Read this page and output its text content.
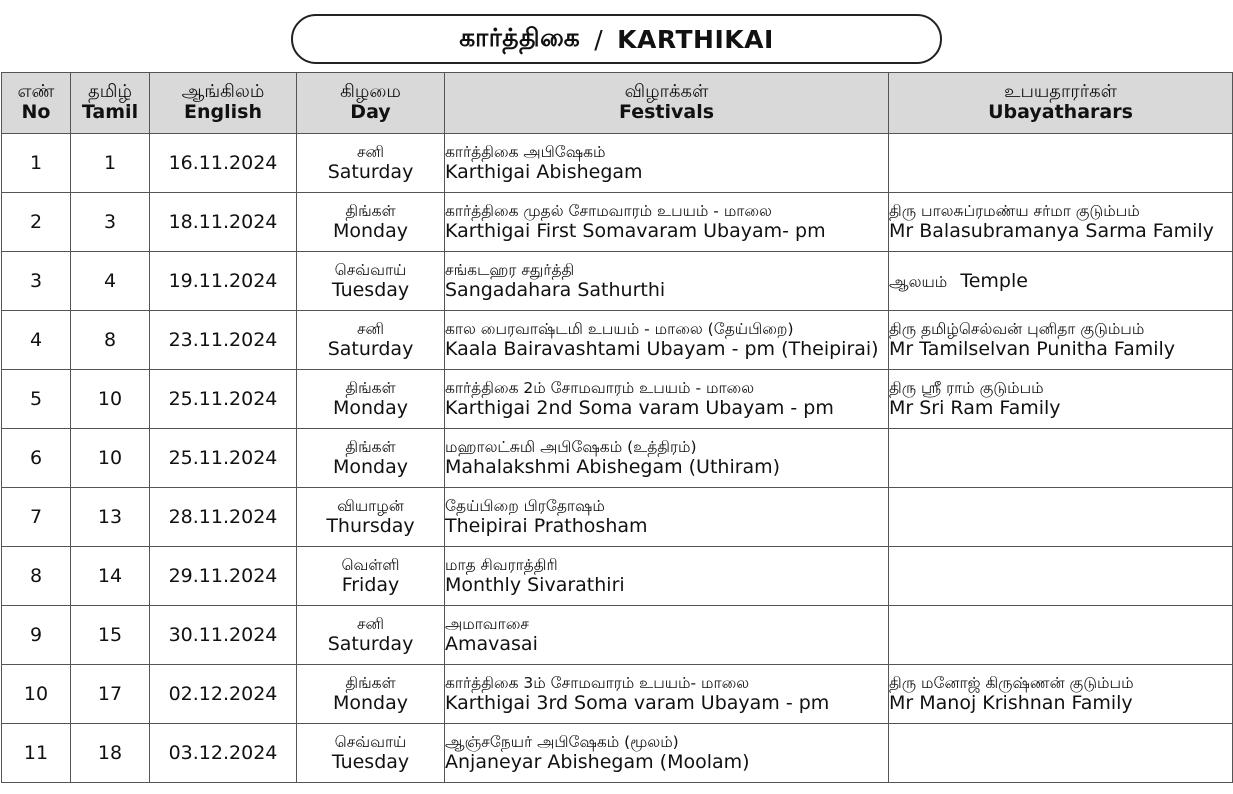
கார்த்திகை / KARTHIKAI
எண்
No	தமிழ்
Tamil	ஆங்கிலம்
English	கிழமை
Day	விழாக்கள்
Festivals	உபயதாரர்கள்
Ubayatharars

1	1	16.11.2024	சனி
Saturday	கார்த்திகை அபிஷேகம்
Karthigai Abishegam	

2	3	18.11.2024	திங்கள்
Monday	கார்த்திகை முதல் சோமவாரம் உபயம் - மாலை
Karthigai First Somavaram Ubayam- pm	திரு பாலசுப்ரமண்ய சர்மா குடும்பம்
Mr Balasubramanya Sarma Family

3	4	19.11.2024	செவ்வாய்
Tuesday	சங்கடஹர சதுர்த்தி
Sangadahara Sathurthi	ஆலயம் Temple
4	8	23.11.2024	சனி
Saturday	கால பைரவாஷ்டமி உபயம் - மாலை (தேய்பிறை)
Kaala Bairavashtami Ubayam - pm (Theipirai)	திரு தமிழ்செல்வன் புனிதா குடும்பம்
Mr Tamilselvan Punitha Family

5	10	25.11.2024	திங்கள்
Monday	கார்த்திகை 2ம் சோமவாரம் உபயம் - மாலை
Karthigai 2nd Soma varam Ubayam - pm	திரு ஸ்ரீ ராம் குடும்பம்
Mr Sri Ram Family

6	10	25.11.2024	திங்கள்
Monday	மஹாலட்சுமி அபிஷேகம் (உத்திரம்)
Mahalakshmi Abishegam (Uthiram)	

7	13	28.11.2024	வியாழன்
Thursday	தேய்பிறை பிரதோஷம்
Theipirai Prathosham	

8	14	29.11.2024	வெள்ளி
Friday	மாத சிவராத்திரி
Monthly Sivarathiri	

9	15	30.11.2024	சனி
Saturday	அமாவாசை
Amavasai	

10	17	02.12.2024	திங்கள்
Monday	கார்த்திகை 3ம் சோமவாரம் உபயம்- மாலை
Karthigai 3rd Soma varam Ubayam - pm	திரு மனோஜ் கிருஷ்ணன் குடும்பம்
Mr Manoj Krishnan Family

11	18	03.12.2024	செவ்வாய்
Tuesday	ஆஞ்சநேயர் அபிஷேகம் (மூலம்)
Anjaneyar Abishegam (Moolam)	
